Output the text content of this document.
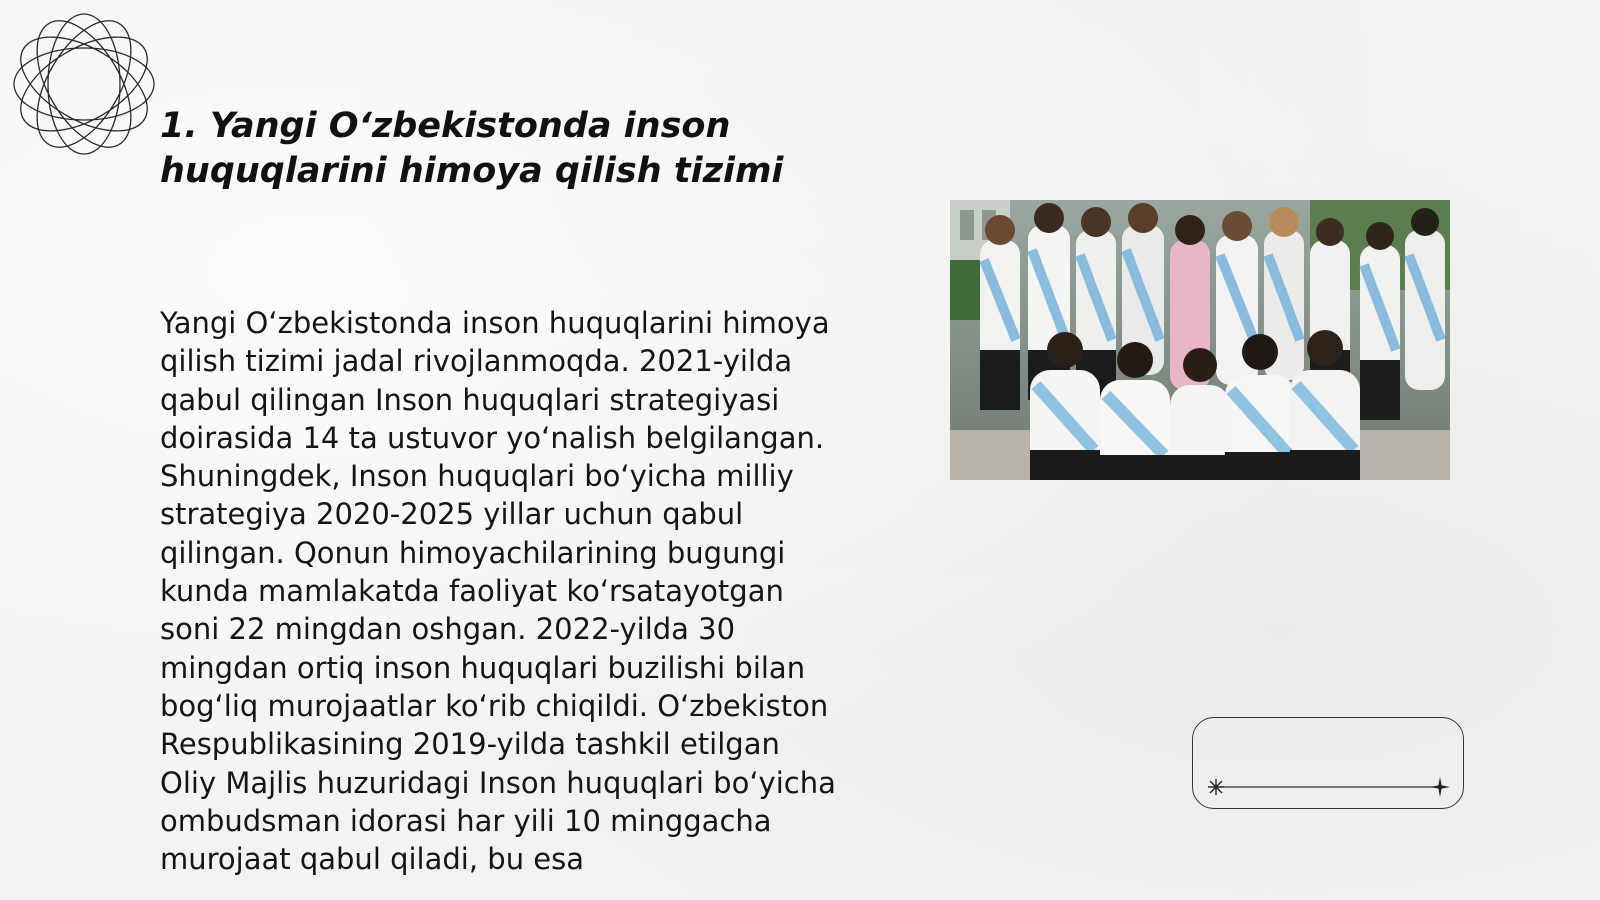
1. Yangi O‘zbekistonda inson huquqlarini himoya qilish tizimi

Yangi O‘zbekistonda inson huquqlarini himoya qilish tizimi jadal rivojlanmoqda. 2021-yilda qabul qilingan Inson huquqlari strategiyasi doirasida 14 ta ustuvor yo‘nalish belgilangan. Shuningdek, Inson huquqlari bo‘yicha milliy strategiya 2020-2025 yillar uchun qabul qilingan. Qonun himoyachilarining bugungi kunda mamlakatda faoliyat ko‘rsatayotgan soni 22 mingdan oshgan. 2022-yilda 30 mingdan ortiq inson huquqlari buzilishi bilan bog‘liq murojaatlar ko‘rib chiqildi. O‘zbekiston Respublikasining 2019-yilda tashkil etilgan Oliy Majlis huzuridagi Inson huquqlari bo‘yicha ombudsman idorasi har yili 10 minggacha murojaat qabul qiladi, bu esa
